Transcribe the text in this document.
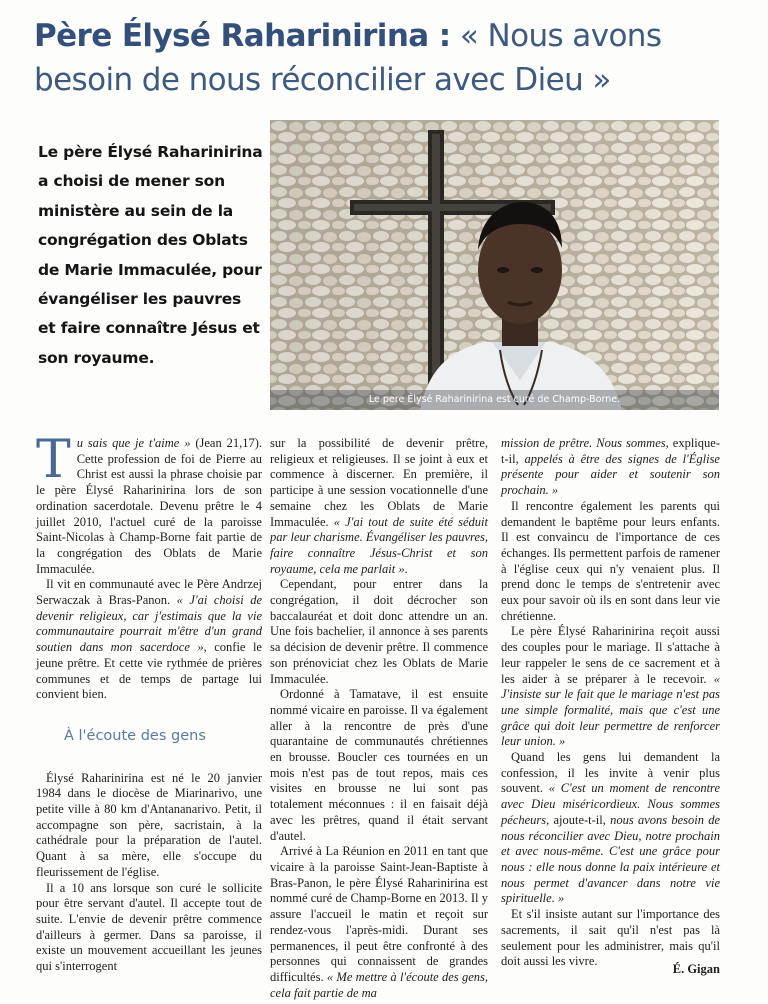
Père Élysé Raharinirina : « Nous avons besoin de nous réconcilier avec Dieu »

Le père Élysé Raharinirina a choisi de mener son ministère au sein de la congrégation des Oblats de Marie Immaculée, pour évangéliser les pauvres et faire connaître Jésus et son royaume.

Le pere Élysé Raharinirina est curé de Champ-Borne.

Tu sais que je t'aime » (Jean 21,17). Cette profession de foi de Pierre au Christ est aussi la phrase choisie par le père Élysé Raharinirina lors de son ordination sacerdotale. Devenu prêtre le 4 juillet 2010, l'actuel curé de la paroisse Saint-Nicolas à Champ-Borne fait partie de la congrégation des Oblats de Marie Immaculée.

Il vit en communauté avec le Père Andrzej Serwaczak à Bras-Panon. « J'ai choisi de devenir religieux, car j'estimais que la vie communautaire pourrait m'être d'un grand soutien dans mon sacerdoce », confie le jeune prêtre. Et cette vie rythmée de prières communes et de temps de partage lui convient bien.

À l'écoute des gens

Élysé Raharinirina est né le 20 janvier 1984 dans le diocèse de Miarinarivo, une petite ville à 80 km d'Antananarivo. Petit, il accompagne son père, sacristain, à la cathédrale pour la préparation de l'autel. Quant à sa mère, elle s'occupe du fleurissement de l'église.

Il a 10 ans lorsque son curé le sollicite pour être servant d'autel. Il accepte tout de suite. L'envie de devenir prêtre commence d'ailleurs à germer. Dans sa paroisse, il existe un mouvement accueillant les jeunes qui s'interrogent

sur la possibilité de devenir prêtre, religieux et religieuses. Il se joint à eux et commence à discerner. En première, il participe à une session vocationnelle d'une semaine chez les Oblats de Marie Immaculée. « J'ai tout de suite été séduit par leur charisme. Évangéliser les pauvres, faire connaître Jésus-Christ et son royaume, cela me parlait ».

Cependant, pour entrer dans la congrégation, il doit décrocher son baccalauréat et doit donc attendre un an. Une fois bachelier, il annonce à ses parents sa décision de devenir prêtre. Il commence son prénoviciat chez les Oblats de Marie Immaculée.

Ordonné à Tamatave, il est ensuite nommé vicaire en paroisse. Il va également aller à la rencontre de près d'une quarantaine de communautés chrétiennes en brousse. Boucler ces tournées en un mois n'est pas de tout repos, mais ces visites en brousse ne lui sont pas totalement méconnues : il en faisait déjà avec les prêtres, quand il était servant d'autel.

Arrivé à La Réunion en 2011 en tant que vicaire à la paroisse Saint-Jean-Baptiste à Bras-Panon, le père Élysé Raharinirina est nommé curé de Champ-Borne en 2013. Il y assure l'accueil le matin et reçoit sur rendez-vous l'après-midi. Durant ses permanences, il peut être confronté à des personnes qui connaissent de grandes difficultés. « Me mettre à l'écoute des gens, cela fait partie de ma

mission de prêtre. Nous sommes, explique-t-il, appelés à être des signes de l'Église présente pour aider et soutenir son prochain. »

Il rencontre également les parents qui demandent le baptême pour leurs enfants. Il est convaincu de l'importance de ces échanges. Ils permettent parfois de ramener à l'église ceux qui n'y venaient plus. Il prend donc le temps de s'entretenir avec eux pour savoir où ils en sont dans leur vie chrétienne.

Le père Élysé Raharinirina reçoit aussi des couples pour le mariage. Il s'attache à leur rappeler le sens de ce sacrement et à les aider à se préparer à le recevoir. « J'insiste sur le fait que le mariage n'est pas une simple formalité, mais que c'est une grâce qui doit leur permettre de renforcer leur union. »

Quand les gens lui demandent la confession, il les invite à venir plus souvent. « C'est un moment de rencontre avec Dieu miséricordieux. Nous sommes pécheurs, ajoute-t-il, nous avons besoin de nous réconcilier avec Dieu, notre prochain et avec nous-même. C'est une grâce pour nous : elle nous donne la paix intérieure et nous permet d'avancer dans notre vie spirituelle. »

Et s'il insiste autant sur l'importance des sacrements, il sait qu'il n'est pas là seulement pour les administrer, mais qu'il doit aussi les vivre.

É. Gigan
